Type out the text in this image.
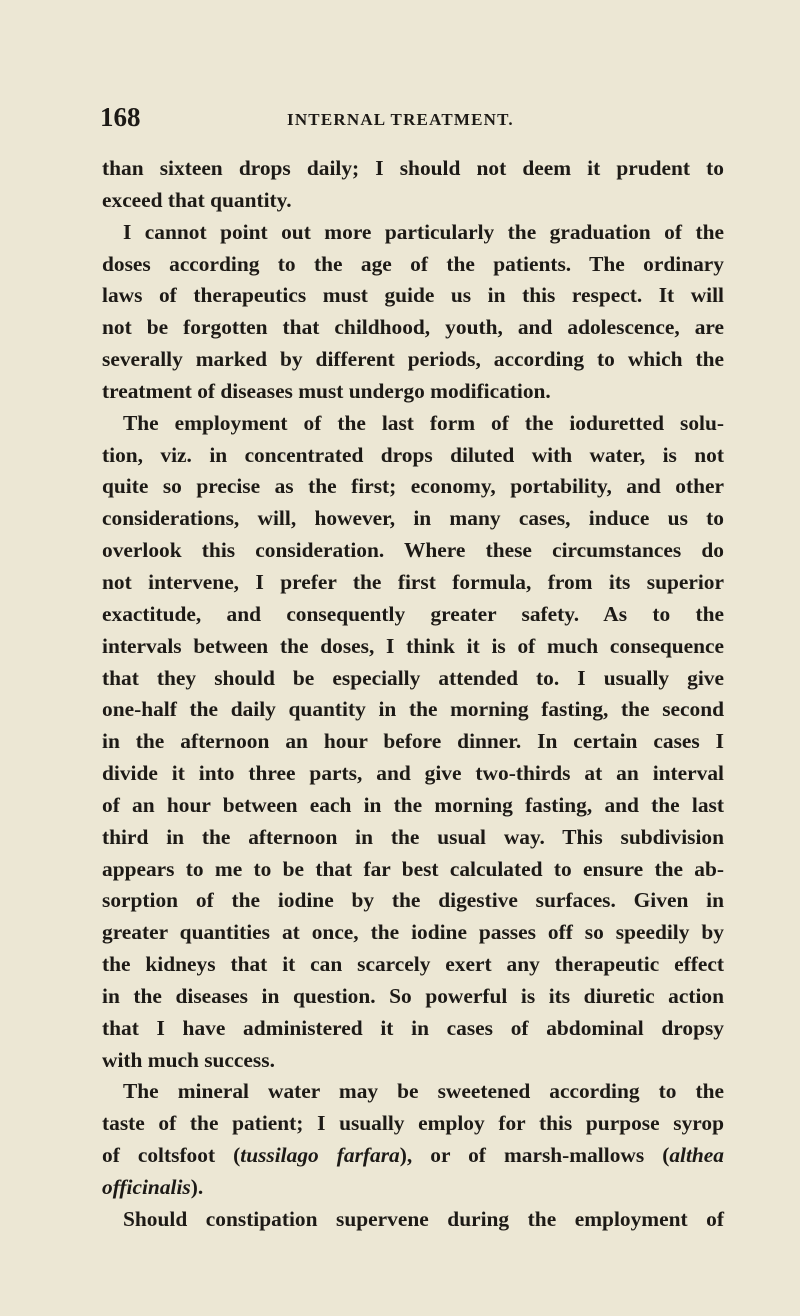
168	INTERNAL TREATMENT.
than sixteen drops daily; I should not deem it prudent to
exceed that quantity.
I cannot point out more particularly the graduation of the
doses according to the age of the patients. The ordinary
laws of therapeutics must guide us in this respect. It will
not be forgotten that childhood, youth, and adolescence, are
severally marked by different periods, according to which the
treatment of diseases must undergo modification.
The employment of the last form of the ioduretted solu-
tion, viz. in concentrated drops diluted with water, is not
quite so precise as the first; economy, portability, and other
considerations, will, however, in many cases, induce us to
overlook this consideration. Where these circumstances do
not intervene, I prefer the first formula, from its superior
exactitude, and consequently greater safety. As to the
intervals between the doses, I think it is of much consequence
that they should be especially attended to. I usually give
one-half the daily quantity in the morning fasting, the second
in the afternoon an hour before dinner. In certain cases I
divide it into three parts, and give two-thirds at an interval
of an hour between each in the morning fasting, and the last
third in the afternoon in the usual way. This subdivision
appears to me to be that far best calculated to ensure the ab-
sorption of the iodine by the digestive surfaces. Given in
greater quantities at once, the iodine passes off so speedily by
the kidneys that it can scarcely exert any therapeutic effect
in the diseases in question. So powerful is its diuretic action
that I have administered it in cases of abdominal dropsy
with much success.
The mineral water may be sweetened according to the
taste of the patient; I usually employ for this purpose syrop
of coltsfoot (tussilago farfara), or of marsh-mallows (althea
officinalis).
Should constipation supervene during the employment of
